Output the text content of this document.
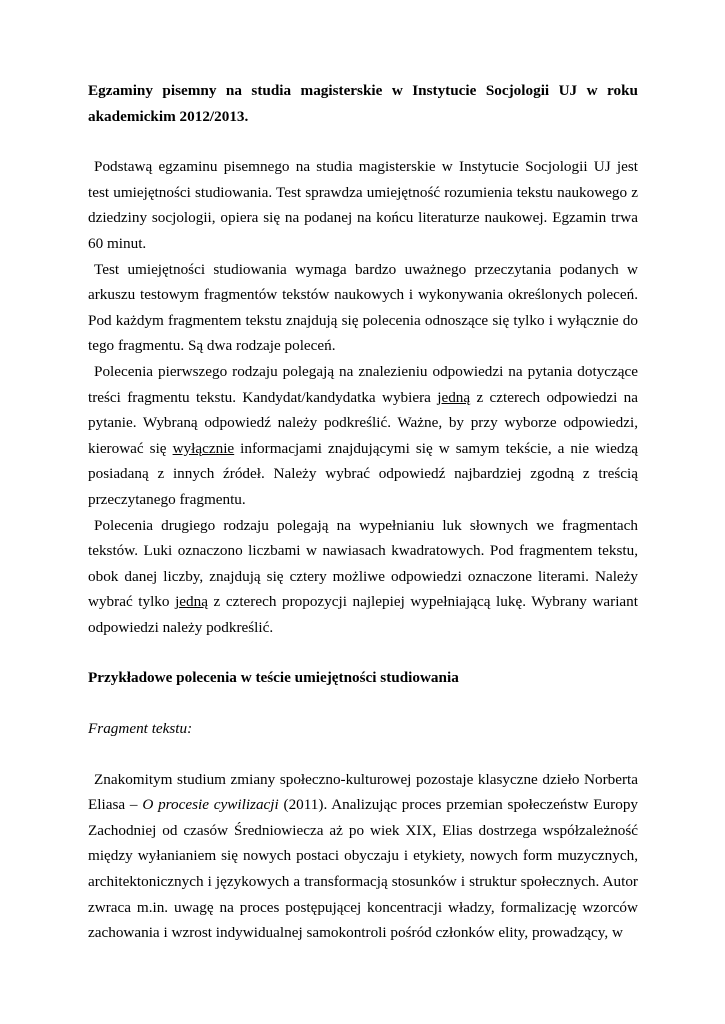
Egzaminy pisemny na studia magisterskie w Instytucie Socjologii UJ w roku akademickim 2012/2013.

Podstawą egzaminu pisemnego na studia magisterskie w Instytucie Socjologii UJ jest test umiejętności studiowania. Test sprawdza umiejętność rozumienia tekstu naukowego z dziedziny socjologii, opiera się na podanej na końcu literaturze naukowej. Egzamin trwa 60 minut.

Test umiejętności studiowania wymaga bardzo uważnego przeczytania podanych w arkuszu testowym fragmentów tekstów naukowych i wykonywania określonych poleceń. Pod każdym fragmentem tekstu znajdują się polecenia odnoszące się tylko i wyłącznie do tego fragmentu. Są dwa rodzaje poleceń.

Polecenia pierwszego rodzaju polegają na znalezieniu odpowiedzi na pytania dotyczące treści fragmentu tekstu. Kandydat/kandydatka wybiera jedną z czterech odpowiedzi na pytanie. Wybraną odpowiedź należy podkreślić. Ważne, by przy wyborze odpowiedzi, kierować się wyłącznie informacjami znajdującymi się w samym tekście, a nie wiedzą posiadaną z innych źródeł. Należy wybrać odpowiedź najbardziej zgodną z treścią przeczytanego fragmentu.

Polecenia drugiego rodzaju polegają na wypełnianiu luk słownych we fragmentach tekstów. Luki oznaczono liczbami w nawiasach kwadratowych. Pod fragmentem tekstu, obok danej liczby, znajdują się cztery możliwe odpowiedzi oznaczone literami. Należy wybrać tylko jedną z czterech propozycji najlepiej wypełniającą lukę. Wybrany wariant odpowiedzi należy podkreślić.

Przykładowe polecenia w teście umiejętności studiowania

Fragment tekstu:

Znakomitym studium zmiany społeczno-kulturowej pozostaje klasyczne dzieło Norberta Eliasa – O procesie cywilizacji (2011). Analizując proces przemian społeczeństw Europy Zachodniej od czasów Średniowiecza aż po wiek XIX, Elias dostrzega współzależność między wyłanianiem się nowych postaci obyczaju i etykiety, nowych form muzycznych, architektonicznych i językowych a transformacją stosunków i struktur społecznych. Autor zwraca m.in. uwagę na proces postępującej koncentracji władzy, formalizację wzorców zachowania i wzrost indywidualnej samokontroli pośród członków elity, prowadzący, w
